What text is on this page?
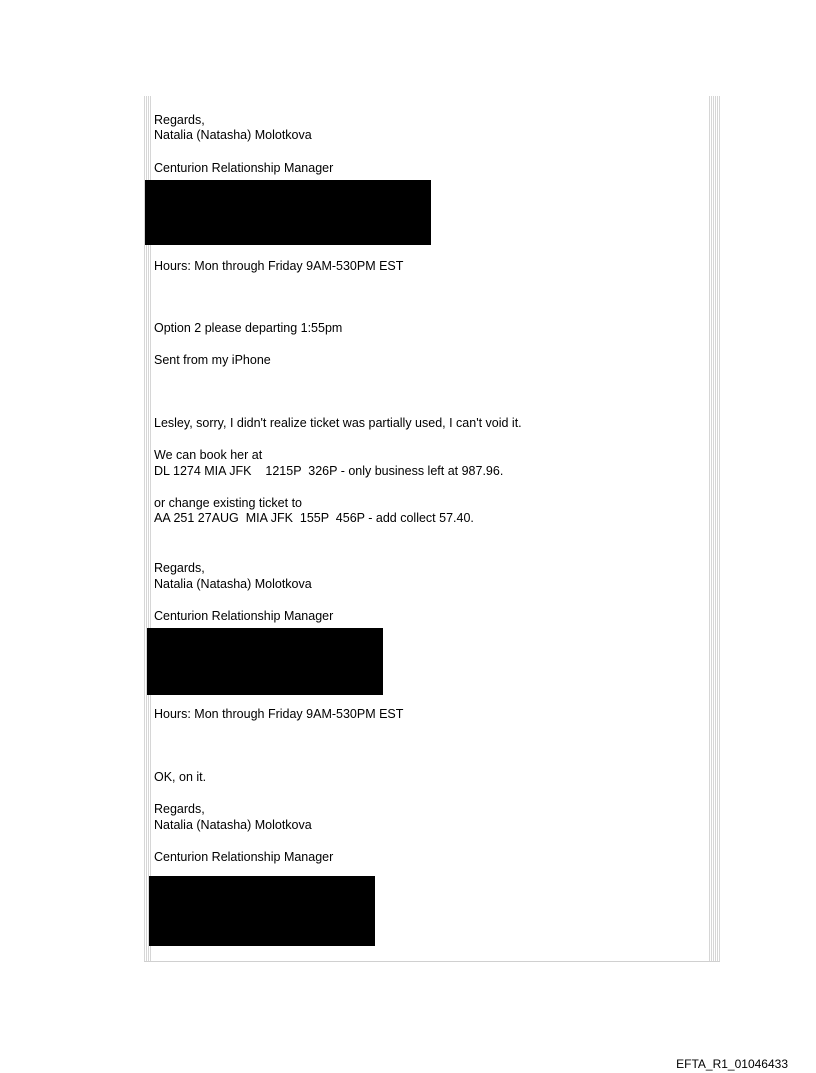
Regards,
Natalia (Natasha) Molotkova
Centurion Relationship Manager
Hours: Mon through Friday 9AM-530PM EST
Option 2 please departing 1:55pm
Sent from my iPhone
Lesley, sorry, I didn't realize ticket was partially used, I can't void it.
We can book her at
DL 1274 MIA JFK    1215P  326P - only business left at 987.96.
or change existing ticket to
AA 251 27AUG  MIA JFK  155P  456P - add collect 57.40.
Regards,
Natalia (Natasha) Molotkova
Centurion Relationship Manager
Hours: Mon through Friday 9AM-530PM EST
OK, on it.
Regards,
Natalia (Natasha) Molotkova
Centurion Relationship Manager
EFTA_R1_01046433
